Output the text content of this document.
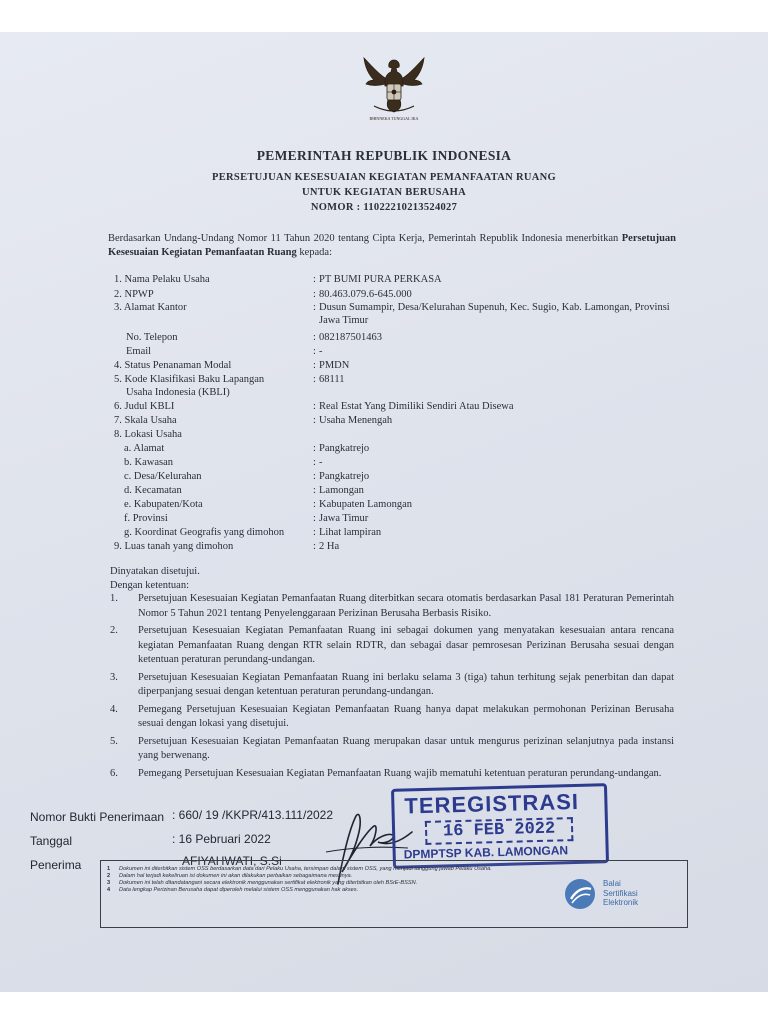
BHINNEKA TUNGGAL IKA
PEMERINTAH REPUBLIK INDONESIA
PERSETUJUAN KESESUAIAN KEGIATAN PEMANFAATAN RUANG
UNTUK KEGIATAN BERUSAHA
NOMOR : 11022210213524027
Berdasarkan Undang-Undang Nomor 11 Tahun 2020 tentang Cipta Kerja, Pemerintah Republik Indonesia menerbitkan Persetujuan Kesesuaian Kegiatan Pemanfaatan Ruang kepada:
1. Nama Pelaku Usaha	: PT BUMI PURA PERKASA
2. NPWP	: 80.463.079.6-645.000
3. Alamat Kantor	: Dusun Sumampir, Desa/Kelurahan Supenuh, Kec. Sugio, Kab. Lamongan, Provinsi Jawa Timur
No. Telepon	: 082187501463
Email	: -
4. Status Penanaman Modal	: PMDN
5. Kode Klasifikasi Baku Lapangan
Usaha Indonesia (KBLI)
: 68111
6. Judul KBLI	: Real Estat Yang Dimiliki Sendiri Atau Disewa
7. Skala Usaha	: Usaha Menengah
8. Lokasi Usaha
a. Alamat	: Pangkatrejo
b. Kawasan	: -
c. Desa/Kelurahan	: Pangkatrejo
d. Kecamatan	: Lamongan
e. Kabupaten/Kota	: Kabupaten Lamongan
f. Provinsi	: Jawa Timur
g. Koordinat Geografis yang dimohon	: Lihat lampiran
9. Luas tanah yang dimohon	: 2 Ha
Dinyatakan disetujui.
Dengan ketentuan:
1. Persetujuan Kesesuaian Kegiatan Pemanfaatan Ruang diterbitkan secara otomatis berdasarkan Pasal 181 Peraturan Pemerintah Nomor 5 Tahun 2021 tentang Penyelenggaraan Perizinan Berusaha Berbasis Risiko.
2. Persetujuan Kesesuaian Kegiatan Pemanfaatan Ruang ini sebagai dokumen yang menyatakan kesesuaian antara rencana kegiatan Pemanfaatan Ruang dengan RTR selain RDTR, dan sebagai dasar pemrosesan Perizinan Berusaha sesuai dengan ketentuan peraturan perundang-undangan.
3. Persetujuan Kesesuaian Kegiatan Pemanfaatan Ruang ini berlaku selama 3 (tiga) tahun terhitung sejak penerbitan dan dapat diperpanjang sesuai dengan ketentuan peraturan perundang-undangan.
4. Pemegang Persetujuan Kesesuaian Kegiatan Pemanfaatan Ruang hanya dapat melakukan permohonan Perizinan Berusaha sesuai dengan lokasi yang disetujui.
5. Persetujuan Kesesuaian Kegiatan Pemanfaatan Ruang merupakan dasar untuk mengurus perizinan selanjutnya pada instansi yang berwenang.
6. Pemegang Persetujuan Kesesuaian Kegiatan Pemanfaatan Ruang wajib mematuhi ketentuan peraturan perundang-undangan.
Nomor Bukti Penerimaan : 660/ 19 /KKPR/413.111/2022
Tanggal	: 16 Pebruari 2022
Penerima	AFIYAHWATI, S.Si
TEREGISTRASI
16 FEB 2022
DPMPTSP KAB. LAMONGAN
1 Dokumen ini diterbitkan sistem OSS berdasarkan data dari Pelaku Usaha, tersimpan dalam sistem OSS, yang menjadi tanggung jawab Pelaku Usaha.
2 Dalam hal terjadi kekeliruan isi dokumen ini akan dilakukan perbaikan sebagaimana mestinya.
3 Dokumen ini telah ditandatangani secara elektronik menggunakan sertifikat elektronik yang diterbitkan oleh BSrE-BSSN.
4 Data lengkap Perizinan Berusaha dapat diperoleh melalui sistem OSS menggunakan hak akses.
Balai
Sertifikasi
Elektronik
